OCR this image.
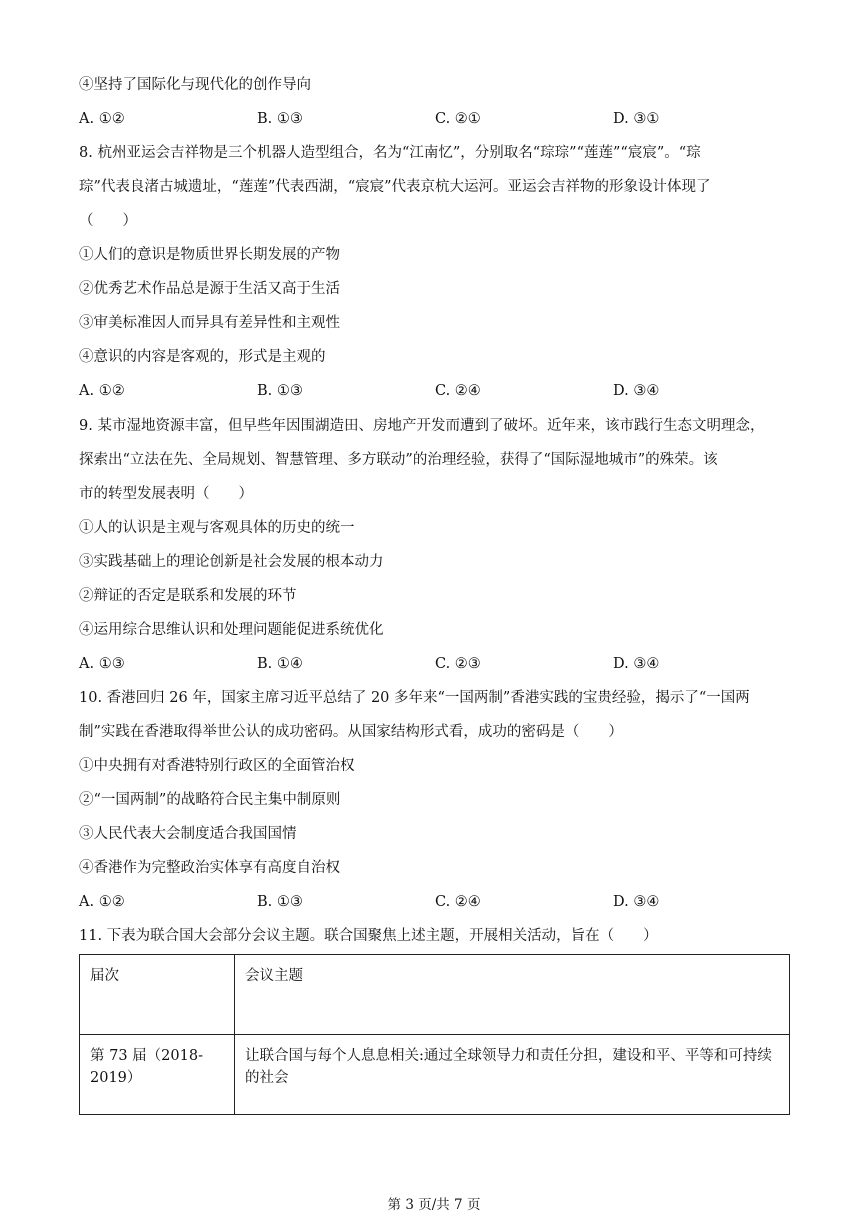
④坚持了国际化与现代化的创作导向
A. ①②	B. ①③	C. ②①	D. ③①
8. 杭州亚运会吉祥物是三个机器人造型组合，名为“江南忆”，分别取名“琮琮”“莲莲”“宸宸”。“琮
琮”代表良渚古城遗址，“莲莲”代表西湖，“宸宸”代表京杭大运河。亚运会吉祥物的形象设计体现了
（　　）
①人们的意识是物质世界长期发展的产物
②优秀艺术作品总是源于生活又高于生活
③审美标准因人而异具有差异性和主观性
④意识的内容是客观的，形式是主观的
A. ①②	B. ①③	C. ②④	D. ③④
9. 某市湿地资源丰富，但早些年因围湖造田、房地产开发而遭到了破坏。近年来，该市践行生态文明理念，
探索出“立法在先、全局规划、智慧管理、多方联动”的治理经验，获得了“国际湿地城市”的殊荣。该
市的转型发展表明（　　）
①人的认识是主观与客观具体的历史的统一
③实践基础上的理论创新是社会发展的根本动力
②辩证的否定是联系和发展的环节
④运用综合思维认识和处理问题能促进系统优化
A. ①③	B. ①④	C. ②③	D. ③④
10. 香港回归 26 年，国家主席习近平总结了 20 多年来“一国两制”香港实践的宝贵经验，揭示了“一国两
制”实践在香港取得举世公认的成功密码。从国家结构形式看，成功的密码是（　　）
①中央拥有对香港特别行政区的全面管治权
②“一国两制”的战略符合民主集中制原则
③人民代表大会制度适合我国国情
④香港作为完整政治实体享有高度自治权
A. ①②	B. ①③	C. ②④	D. ③④
11. 下表为联合国大会部分会议主题。联合国聚焦上述主题，开展相关活动，旨在（　　）
届次	会议主题
第 73 届（2018-2019）	让联合国与每个人息息相关:通过全球领导力和责任分担，建设和平、平等和可持续的社会
第 3 页/共 7 页
